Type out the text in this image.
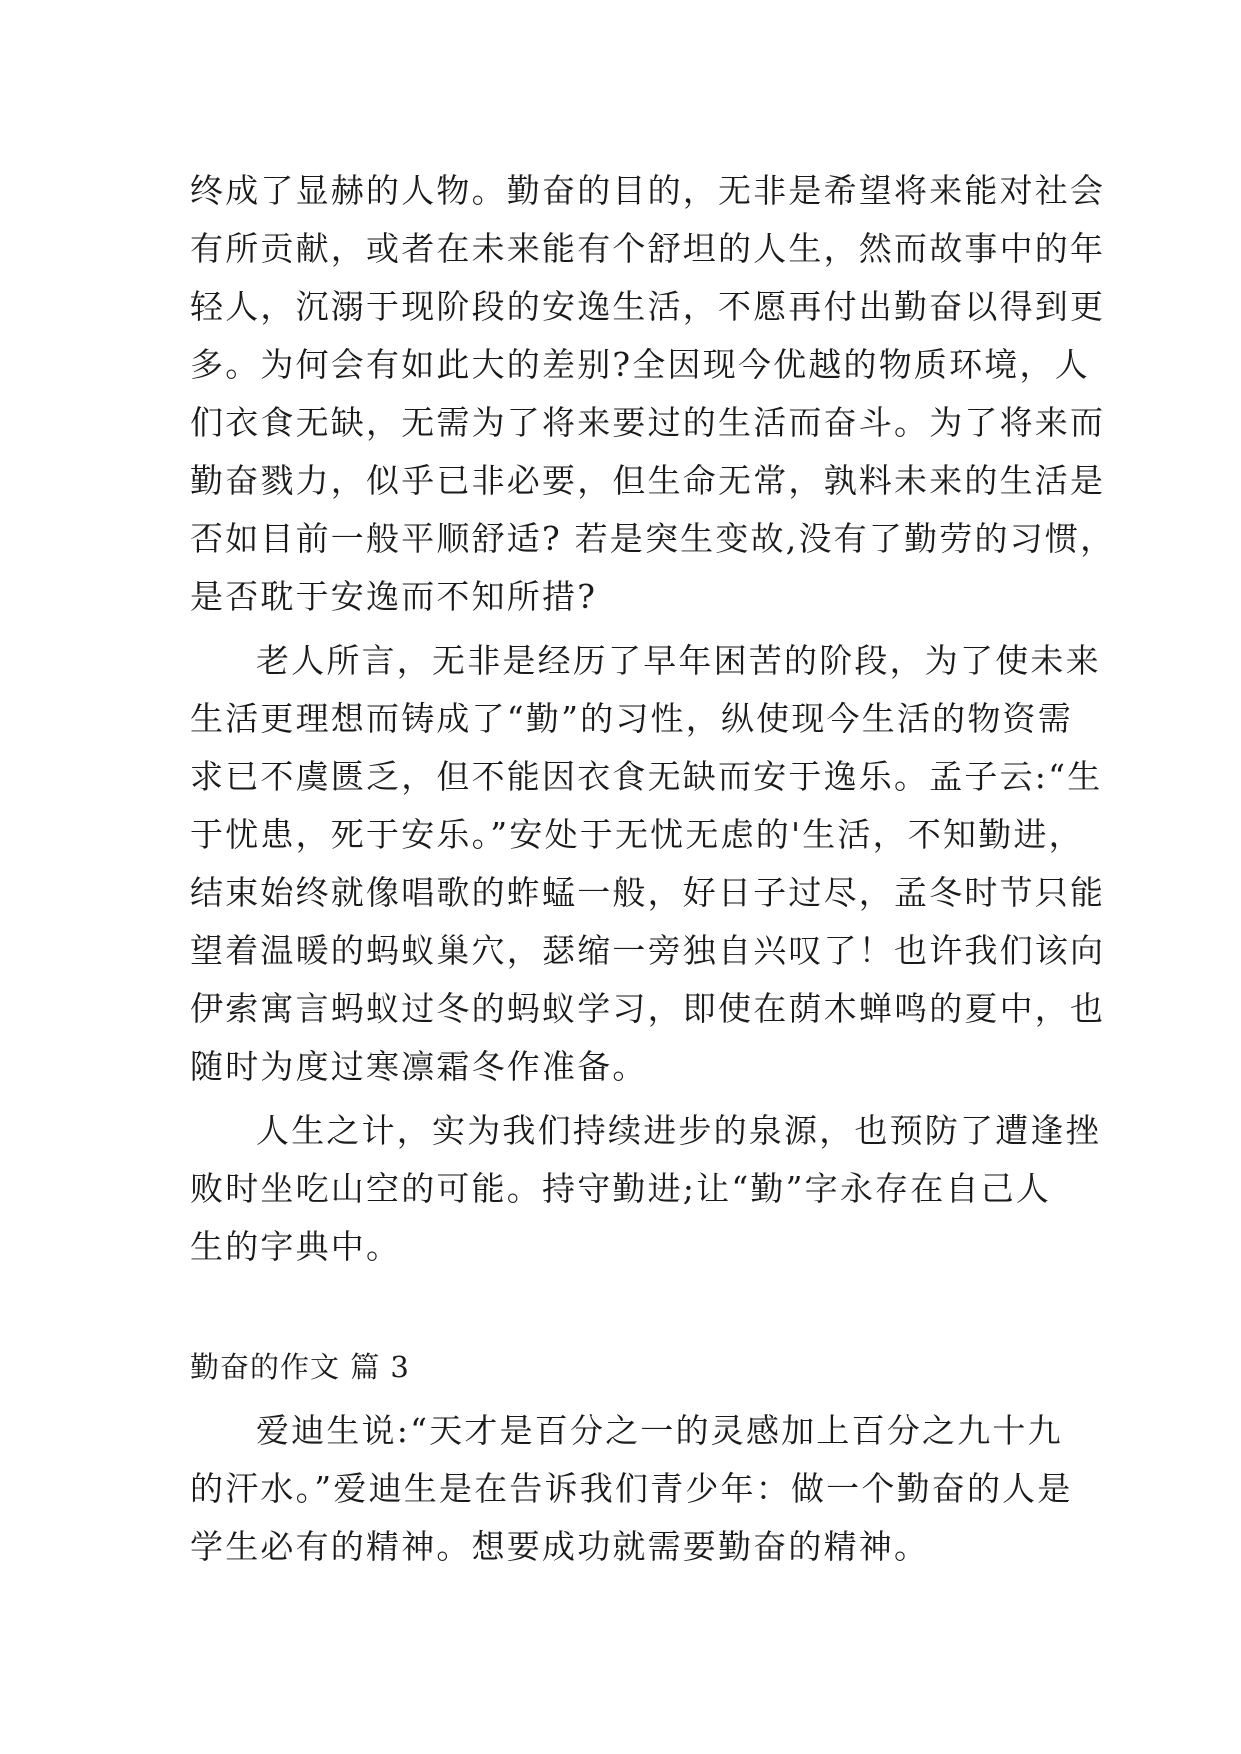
终成了显赫的人物。勤奋的目的，无非是希望将来能对社会
有所贡献，或者在未来能有个舒坦的人生，然而故事中的年
轻人，沉溺于现阶段的安逸生活，不愿再付出勤奋以得到更
多。为何会有如此大的差别?全因现今优越的物质环境，人
们衣食无缺，无需为了将来要过的生活而奋斗。为了将来而
勤奋戮力，似乎已非必要，但生命无常，孰料未来的生活是
否如目前一般平顺舒适? 若是突生变故,没有了勤劳的习惯，
是否耽于安逸而不知所措?
老人所言，无非是经历了早年困苦的阶段，为了使未来
生活更理想而铸成了“勤”的习性，纵使现今生活的物资需
求已不虞匮乏，但不能因衣食无缺而安于逸乐。孟子云:“生
于忧患，死于安乐。”安处于无忧无虑的'生活，不知勤进，
结束始终就像唱歌的蚱蜢一般，好日子过尽，孟冬时节只能
望着温暖的蚂蚁巢穴，瑟缩一旁独自兴叹了！也许我们该向
伊索寓言蚂蚁过冬的蚂蚁学习，即使在荫木蝉鸣的夏中，也
随时为度过寒凛霜冬作准备。
人生之计，实为我们持续进步的泉源，也预防了遭逢挫
败时坐吃山空的可能。持守勤进;让“勤”字永存在自己人
生的字典中。
勤奋的作文 篇 3
爱迪生说:“天才是百分之一的灵感加上百分之九十九
的汗水。”爱迪生是在告诉我们青少年：做一个勤奋的人是
学生必有的精神。想要成功就需要勤奋的精神。
